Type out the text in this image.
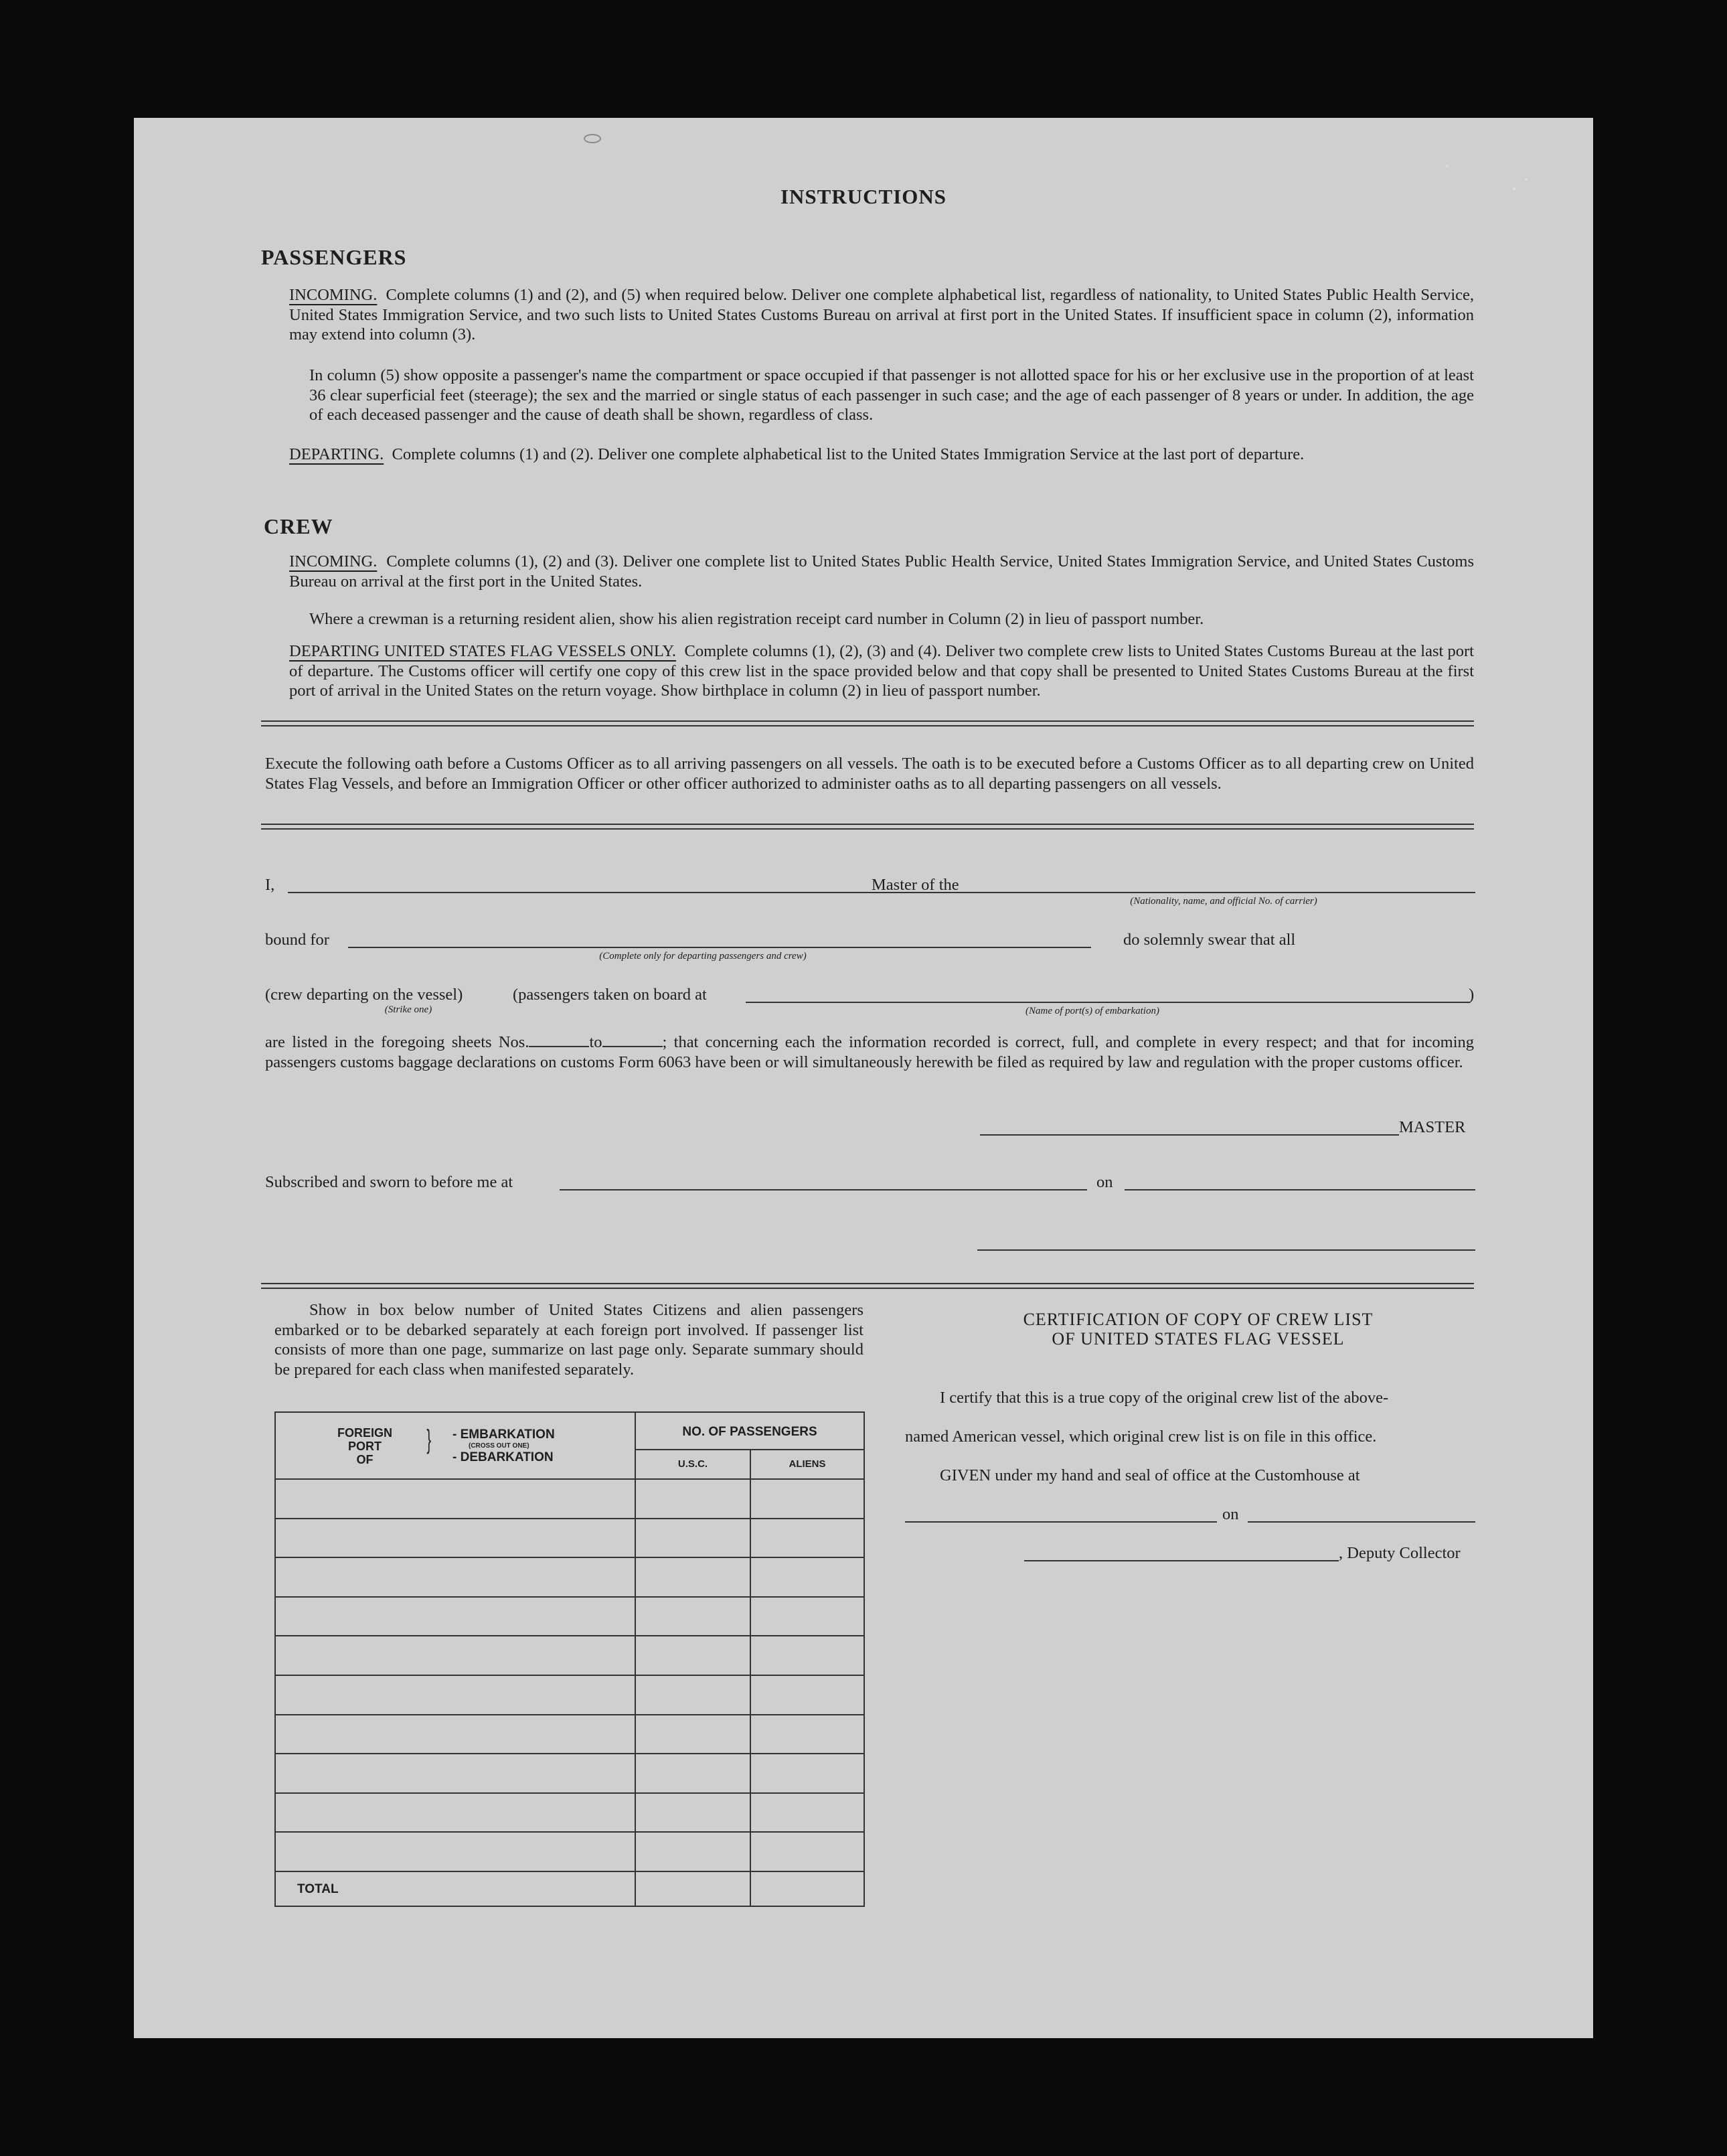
INSTRUCTIONS
PASSENGERS
INCOMING. Complete columns (1) and (2), and (5) when required below. Deliver one complete alphabetical list, regardless of nationality, to United States Public Health Service, United States Immigration Service, and two such lists to United States Customs Bureau on arrival at first port in the United States. If insufficient space in column (2), information may extend into column (3).
In column (5) show opposite a passenger's name the compartment or space occupied if that passenger is not allotted space for his or her exclusive use in the proportion of at least 36 clear superficial feet (steerage); the sex and the married or single status of each passenger in such case; and the age of each passenger of 8 years or under. In addition, the age of each deceased passenger and the cause of death shall be shown, regardless of class.
DEPARTING. Complete columns (1) and (2). Deliver one complete alphabetical list to the United States Immigration Service at the last port of departure.
CREW
INCOMING. Complete columns (1), (2) and (3). Deliver one complete list to United States Public Health Service, United States Immigration Service, and United States Customs Bureau on arrival at the first port in the United States.
Where a crewman is a returning resident alien, show his alien registration receipt card number in Column (2) in lieu of passport number.
DEPARTING UNITED STATES FLAG VESSELS ONLY. Complete columns (1), (2), (3) and (4). Deliver two complete crew lists to United States Customs Bureau at the last port of departure. The Customs officer will certify one copy of this crew list in the space provided below and that copy shall be presented to United States Customs Bureau at the first port of arrival in the United States on the return voyage. Show birthplace in column (2) in lieu of passport number.
Execute the following oath before a Customs Officer as to all arriving passengers on all vessels. The oath is to be executed before a Customs Officer as to all departing crew on United States Flag Vessels, and before an Immigration Officer or other officer authorized to administer oaths as to all departing passengers on all vessels.
I,	Master of the
(Nationality, name, and official No. of carrier)
bound for
(Complete only for departing passengers and crew)
do solemnly swear that all
(crew departing on the vessel)	(passengers taken on board at
(Strike one)	(Name of port(s) of embarkation)
)
are listed in the foregoing sheets Nos.	to	; that concerning each the information recorded is correct, full, and complete in every respect; and that for incoming passengers customs baggage declarations on customs Form 6063 have been or will simultaneously herewith be filed as required by law and regulation with the proper customs officer.
MASTER
Subscribed and sworn to before me at	on
Show in box below number of United States Citizens and alien passengers embarked or to be debarked separately at each foreign port involved. If passenger list consists of more than one page, summarize on last page only. Separate summary should be prepared for each class when manifested separately.
FOREIGN
PORT
OF
} - EMBARKATION
(CROSS OUT ONE)
- DEBARKATION
NO. OF PASSENGERS
U.S.C.	ALIENS
TOTAL
CERTIFICATION OF COPY OF CREW LIST
OF UNITED STATES FLAG VESSEL
I certify that this is a true copy of the original crew list of the above-
named American vessel, which original crew list is on file in this office.
GIVEN under my hand and seal of office at the Customhouse at
on
, Deputy Collector
